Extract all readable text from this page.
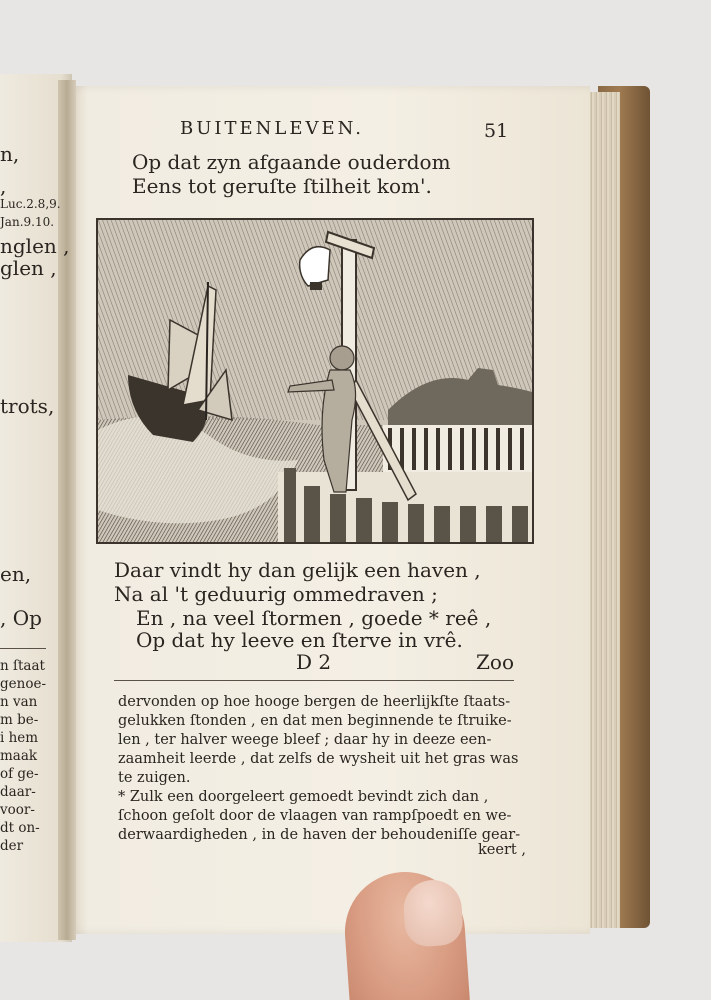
n,
,
Luc.2.8,9.
Jan.9.10.
nglen ,
glen ,
trots,
en,
, Op
n ſtaat
genoe-
n van
m be-
i hem
maak
of ge-
daar-
voor-
dt on-
der
BUITENLEVEN.	51
Op dat zyn afgaande ouderdom
Eens tot geruſte ſtilheit kom'.
Daar vindt hy dan gelijk een haven ,
Na al 't geduurig ommedraven ;
En , na veel ſtormen , goede * reê ,
Op dat hy leeve en ſterve in vrê.
D 2	Zoo
dervonden op hoe hooge bergen de heerlijkſte ſtaats-
gelukken ſtonden , en dat men beginnende te ſtruike-
len , ter halver weege bleef ; daar hy in deeze een-
zaamheit leerde , dat zelfs de wysheit uit het gras was
te zuigen.
* Zulk een doorgeleert gemoedt bevindt zich dan ,
ſchoon geſolt door de vlaagen van rampſpoedt en we-
derwaardigheden , in de haven der behoudeniſſe gear-
keert ,
